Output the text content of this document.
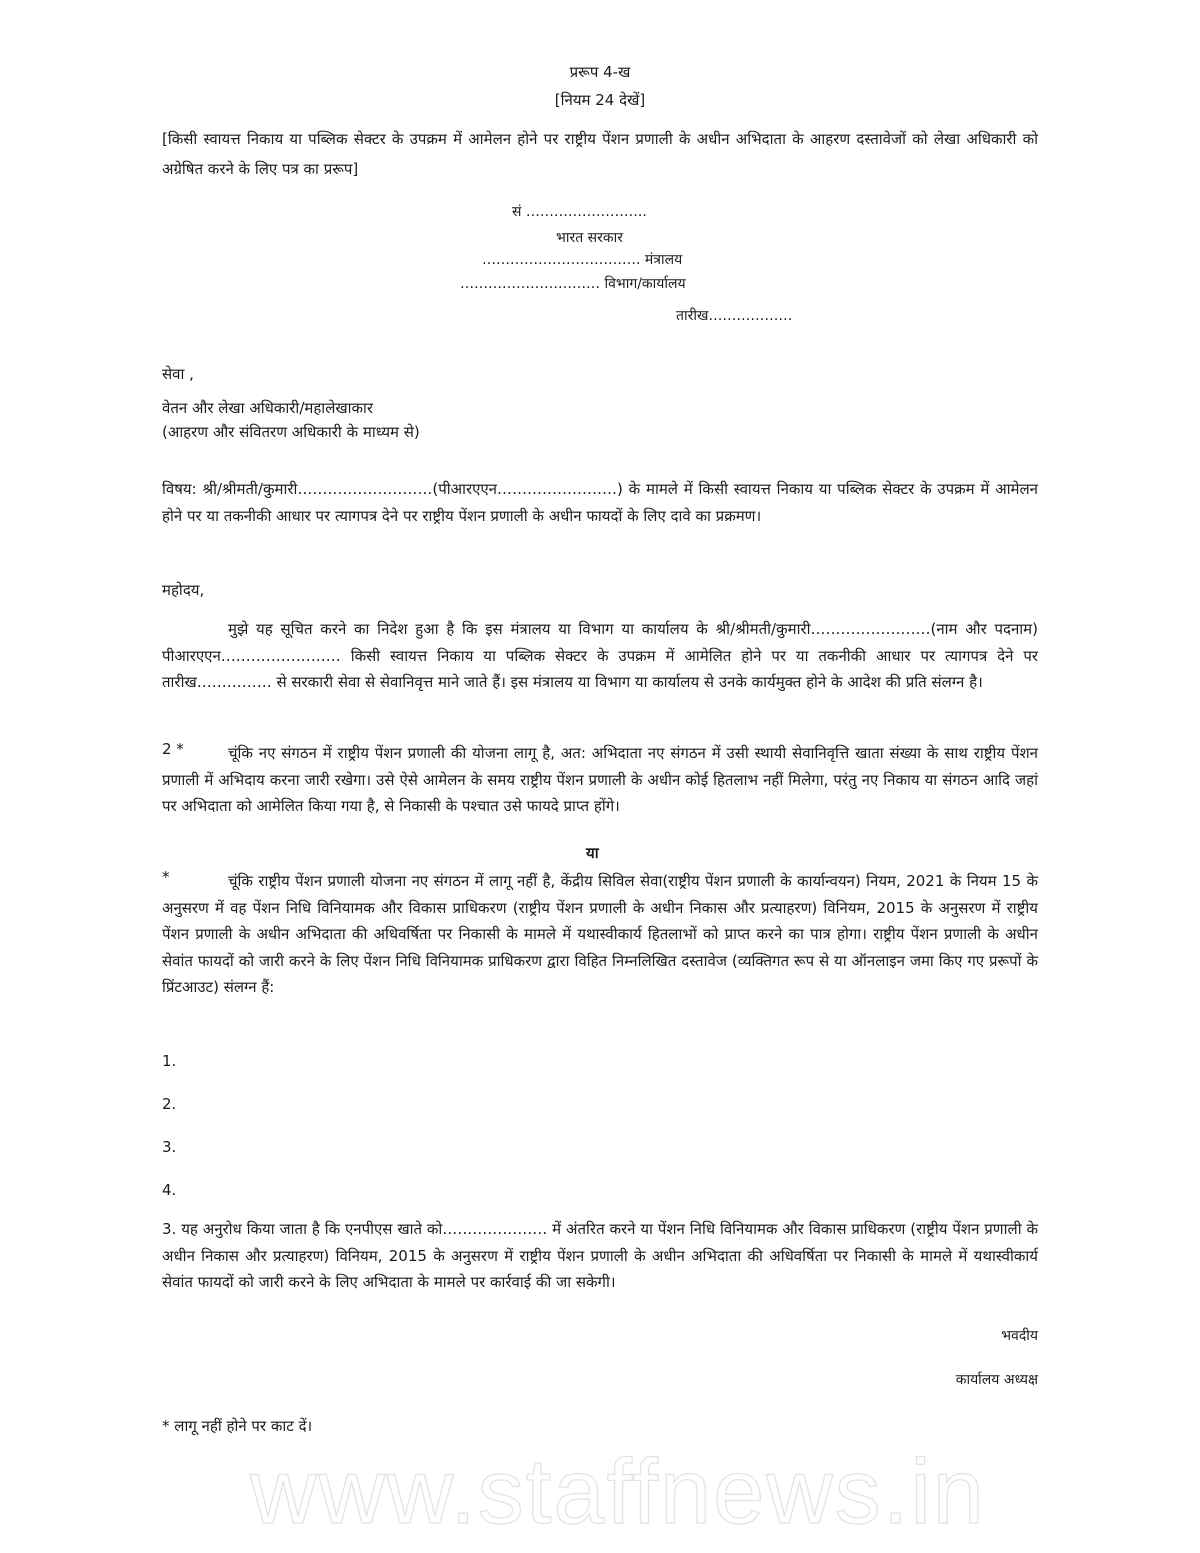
प्ररूप 4-ख
[नियम 24 देखें]
[किसी स्वायत्त निकाय या पब्लिक सेक्टर के उपक्रम में आमेलन होने पर राष्ट्रीय पेंशन प्रणाली के अधीन अभिदाता के आहरण दस्तावेजों को लेखा अधिकारी को अग्रेषित करने के लिए पत्र का प्ररूप]
सं ……………………..
भारत सरकार
……………………………. मंत्रालय
………………………… विभाग/कार्यालय
तारीख………………
सेवा ,
वेतन और लेखा अधिकारी/महालेखाकार
(आहरण और संवितरण अधिकारी के माध्यम से)
विषय: श्री/श्रीमती/कुमारी………………………(पीआरएएन……………………) के मामले में किसी स्वायत्त निकाय या पब्लिक सेक्टर के उपक्रम में आमेलन होने पर या तकनीकी आधार पर त्यागपत्र देने पर राष्ट्रीय पेंशन प्रणाली के अधीन फायदों के लिए दावे का प्रक्रमण।
महोदय,
मुझे यह सूचित करने का निदेश हुआ है कि इस मंत्रालय या विभाग या कार्यालय के श्री/श्रीमती/कुमारी……………………(नाम और पदनाम) पीआरएएन…………………… किसी स्वायत्त निकाय या पब्लिक सेक्टर के उपक्रम में आमेलित होने पर या तकनीकी आधार पर त्यागपत्र देने पर तारीख…………… से सरकारी सेवा से सेवानिवृत्त माने जाते हैं। इस मंत्रालय या विभाग या कार्यालय से उनके कार्यमुक्त होने के आदेश की प्रति संलग्न है।
2 *	चूंकि नए संगठन में राष्ट्रीय पेंशन प्रणाली की योजना लागू है, अत: अभिदाता नए संगठन में उसी स्थायी सेवानिवृत्ति खाता संख्या के साथ राष्ट्रीय पेंशन प्रणाली में अभिदाय करना जारी रखेगा। उसे ऐसे आमेलन के समय राष्ट्रीय पेंशन प्रणाली के अधीन कोई हितलाभ नहीं मिलेगा, परंतु नए निकाय या संगठन आदि जहां पर अभिदाता को आमेलित किया गया है, से निकासी के पश्चात उसे फायदे प्राप्त होंगे।
या
*	चूंकि राष्ट्रीय पेंशन प्रणाली योजना नए संगठन में लागू नहीं है, केंद्रीय सिविल सेवा(राष्ट्रीय पेंशन प्रणाली के कार्यान्वयन) नियम, 2021 के नियम 15 के अनुसरण में वह पेंशन निधि विनियामक और विकास प्राधिकरण (राष्ट्रीय पेंशन प्रणाली के अधीन निकास और प्रत्याहरण) विनियम, 2015 के अनुसरण में राष्ट्रीय पेंशन प्रणाली के अधीन अभिदाता की अधिवर्षिता पर निकासी के मामले में यथास्वीकार्य हितलाभों को प्राप्त करने का पात्र होगा। राष्ट्रीय पेंशन प्रणाली के अधीन सेवांत फायदों को जारी करने के लिए पेंशन निधि विनियामक प्राधिकरण द्वारा विहित निम्नलिखित दस्तावेज (व्यक्तिगत रूप से या ऑनलाइन जमा किए गए प्ररूपों के प्रिंटआउट) संलग्न हैं:
1.
2.
3.
4.
3. यह अनुरोध किया जाता है कि एनपीएस खाते को………………… में अंतरित करने या पेंशन निधि विनियामक और विकास प्राधिकरण (राष्ट्रीय पेंशन प्रणाली के अधीन निकास और प्रत्याहरण) विनियम, 2015 के अनुसरण में राष्ट्रीय पेंशन प्रणाली के अधीन अभिदाता की अधिवर्षिता पर निकासी के मामले में यथास्वीकार्य सेवांत फायदों को जारी करने के लिए अभिदाता के मामले पर कार्रवाई की जा सकेगी।
भवदीय
कार्यालय अध्यक्ष
* लागू नहीं होने पर काट दें।
www.staffnews.in
